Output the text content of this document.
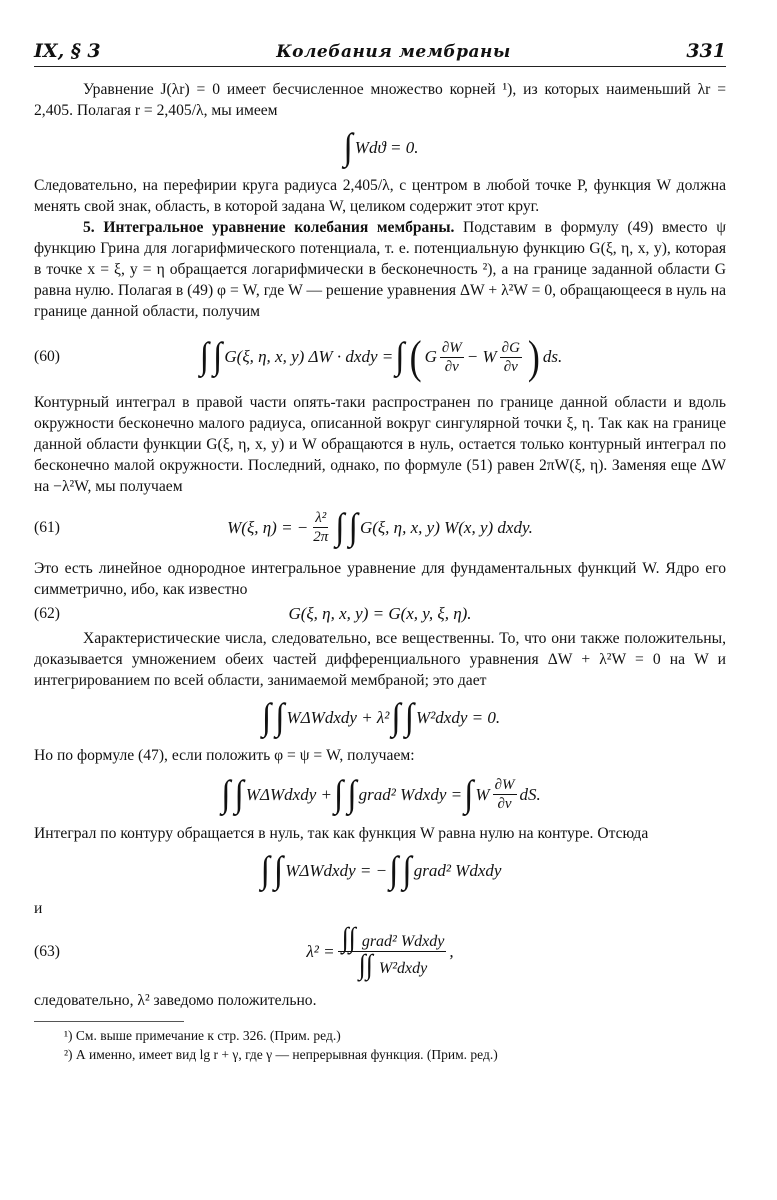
IX, § 3	Колебания мембраны	331

Уравнение J(λr) = 0 имеет бесчисленное множество корней ¹), из которых наименьший λr = 2,405. Полагая r = 2,405/λ, мы имеем

∫ Wdϑ = 0.

Следовательно, на перефирии круга радиуса 2,405/λ, с центром в любой точке P, функция W должна менять свой знак, область, в которой задана W, целиком содержит этот круг.

5. Интегральное уравнение колебания мембраны. Подставим в формулу (49) вместо ψ функцию Грина для логарифмического потенциала, т. е. потенциальную функцию G(ξ, η, x, y), которая в точке x = ξ, y = η обращается логарифмически в бесконечность ²), а на границе заданной области G равна нулю. Полагая в (49) φ = W, где W — решение уравнения ΔW + λ²W = 0, обращающееся в нуль на границе данной области, получим

(60)	∫ ∫ G(ξ, η, x, y) ΔW · dxdy = ∫ ( G $\frac{\partial W}{\partial\nu} - W \frac{\partial G}{\partial\nu}$ ) ds.

Контурный интеграл в правой части опять-таки распространен по границе данной области и вдоль окружности бесконечно малого радиуса, описанной вокруг сингулярной точки ξ, η. Так как на границе данной области функции G(ξ, η, x, y) и W обращаются в нуль, остается только контурный интеграл по бесконечно малой окружности. Последний, однако, по формуле (51) равен 2πW(ξ, η). Заменяя еще ΔW на −λ²W, мы получаем

(61)	W(ξ, η) = − $\frac{\text{λ²}}{2\pi}$ ∫ ∫ G(ξ, η, x, y) W(x, y) dxdy.

Это есть линейное однородное интегральное уравнение для фундаментальных функций W. Ядро его симметрично, ибо, как известно

(62)	G(ξ, η, x, y) = G(x, y, ξ, η).

Характеристические числа, следовательно, все вещественны. То, что они также положительны, доказывается умножением обеих частей дифференциального уравнения ΔW + λ²W = 0 на W и интегрированием по всей области, занимаемой мембраной; это дает

∫ ∫ WΔWdxdy + λ² ∫ ∫ W²dxdy = 0.

Но по формуле (47), если положить φ = ψ = W, получаем:

∫ ∫ WΔWdxdy + ∫ ∫ grad² Wdxdy = ∫ W $\frac{\partial W}{\partial\nu}$ dS.

Интеграл по контуру обращается в нуль, так как функция W равна нулю на контуре. Отсюда

∫ ∫ WΔWdxdy = − ∫ ∫ grad² Wdxdy

и

(63)	$\lambda^2 = \frac{\text{∫∫ grad² Wdxdy}}{\text{∫∫ W²dxdy}}$ ,

следовательно, λ² заведомо положительно.

¹) См. выше примечание к стр. 326. (Прим. ред.)
²) А именно, имеет вид lg r + γ, где γ — непрерывная функция. (Прим. ред.)
